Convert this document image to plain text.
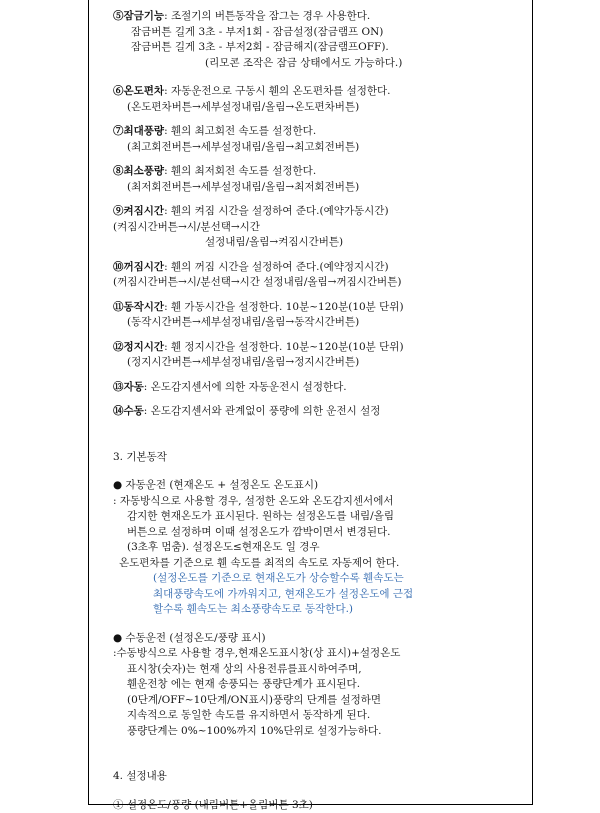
⑤잠금기능: 조절기의 버튼동작을 잠그는 경우 사용한다.
잠금버튼 길게 3초 - 부저1회 - 잠금설정(잠금램프 ON)
잠금버튼 길게 3초 - 부저2회 - 잠금해지(잠금램프OFF).
(리모콘 조작은 잠금 상태에서도 가능하다.)
⑥온도편차: 자동운전으로 구동시 휀의 온도편차를 설정한다.
(온도편차버튼→세부설정내림/올림→온도편차버튼)
⑦최대풍량: 휀의 최고회전 속도를 설정한다.
(최고회전버튼→세부설정내림/올림→최고회전버튼)
⑧최소풍량: 휀의 최저회전 속도를 설정한다.
(최저회전버튼→세부설정내림/올림→최저회전버튼)
⑨켜짐시간: 휀의 켜짐 시간을 설정하여 준다.(예약가동시간)
(켜짐시간버튼→시/분선택→시간
설정내림/올림→켜짐시간버튼)
⑩꺼짐시간: 휀의 꺼짐 시간을 설정하여 준다.(예약정지시간)
(꺼짐시간버튼→시/분선택→시간 설정내림/올림→꺼짐시간버튼)
⑪동작시간: 휀 가동시간을 설정한다. 10분~120분(10분 단위)
(동작시간버튼→세부설정내림/올림→동작시간버튼)
⑫정지시간: 휀 정지시간을 설정한다. 10분~120분(10분 단위)
(정지시간버튼→세부설정내림/올림→정지시간버튼)
⑬자동: 온도감지센서에 의한 자동운전시 설정한다.
⑭수동: 온도감지센서와 관계없이 풍량에 의한 운전시 설정
3. 기본동작
● 자동운전 (현재온도 + 설정온도 온도표시)
: 자동방식으로 사용할 경우, 설정한 온도와 온도감지센서에서
감지한 현재온도가 표시된다. 원하는 설정온도를 내림/올림
버튼으로 설정하며 이때 설정온도가 깜박이면서 변경된다.
(3초후 멈춤). 설정온도≤현재온도 일 경우
온도편차를 기준으로 휀 속도를 최적의 속도로 자동제어 한다.
(설정온도를 기준으로 현재온도가 상승할수록 휀속도는
최대풍량속도에 가까워지고, 현재온도가 설정온도에 근접
할수록 휀속도는 최소풍량속도로 동작한다.)
● 수동운전 (설정온도/풍량 표시)
:수동방식으로 사용할 경우,현재온도표시창(상 표시)+설정온도
표시창(숫자)는 현재 상의 사용전류를표시하여주며,
휀운전창 에는 현재 송풍되는 풍량단계가 표시된다.
(0단계/OFF~10단계/ON표시)풍량의 단계를 설정하면
지속적으로 동일한 속도를 유지하면서 동작하게 된다.
풍량단계는 0%~100%까지 10%단위로 설정가능하다.
4. 설정내용
① 설정온도/풍량 (내림버튼+올림버튼 3초)
